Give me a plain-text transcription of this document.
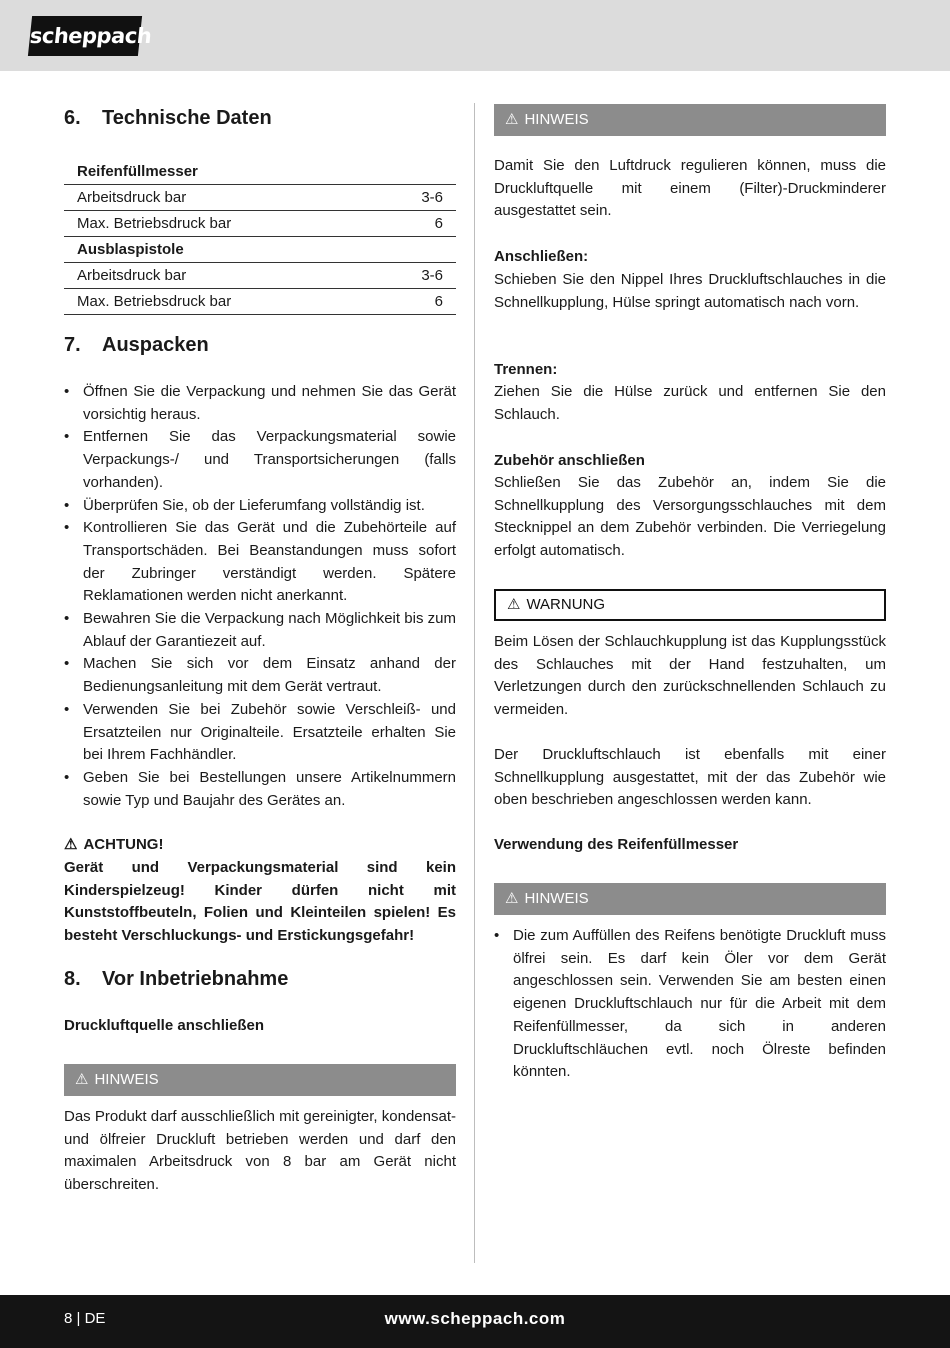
scheppach
6. Technische Daten
Reifenfüllmesser	
Arbeitsdruck bar	3-6
Max. Betriebsdruck bar	6
Ausblaspistole	
Arbeitsdruck bar	3-6
Max. Betriebsdruck bar	6
7. Auspacken
• Öffnen Sie die Verpackung und nehmen Sie das Gerät vorsichtig heraus.
• Entfernen Sie das Verpackungsmaterial sowie Verpackungs-/ und Transportsicherungen (falls vorhanden).
• Überprüfen Sie, ob der Lieferumfang vollständig ist.
• Kontrollieren Sie das Gerät und die Zubehörteile auf Transportschäden. Bei Beanstandungen muss sofort der Zubringer verständigt werden. Spätere Reklamationen werden nicht anerkannt.
• Bewahren Sie die Verpackung nach Möglichkeit bis zum Ablauf der Garantiezeit auf.
• Machen Sie sich vor dem Einsatz anhand der Bedienungsanleitung mit dem Gerät vertraut.
• Verwenden Sie bei Zubehör sowie Verschleiß- und Ersatzteilen nur Originalteile. Ersatzteile erhalten Sie bei Ihrem Fachhändler.
• Geben Sie bei Bestellungen unsere Artikelnummern sowie Typ und Baujahr des Gerätes an.

⚠ ACHTUNG!

Gerät und Verpackungsmaterial sind kein Kinderspielzeug! Kinder dürfen nicht mit Kunststoffbeuteln, Folien und Kleinteilen spielen! Es besteht Verschluckungs- und Erstickungsgefahr!

8. Vor Inbetriebnahme

Druckluftquelle anschließen

⚠ HINWEIS

Das Produkt darf ausschließlich mit gereinigter, kondensat- und ölfreier Druckluft betrieben werden und darf den maximalen Arbeitsdruck von 8 bar am Gerät nicht überschreiten.

⚠ HINWEIS

Damit Sie den Luftdruck regulieren können, muss die Druckluftquelle mit einem (Filter)-Druckminderer ausgestattet sein.

Anschließen:

Schieben Sie den Nippel Ihres Druckluftschlauches in die Schnellkupplung, Hülse springt automatisch nach vorn.

Trennen:

Ziehen Sie die Hülse zurück und entfernen Sie den Schlauch.

Zubehör anschließen

Schließen Sie das Zubehör an, indem Sie die Schnellkupplung des Versorgungsschlauches mit dem Stecknippel an dem Zubehör verbinden. Die Verriegelung erfolgt automatisch.

⚠ WARNUNG

Beim Lösen der Schlauchkupplung ist das Kupplungsstück des Schlauches mit der Hand festzuhalten, um Verletzungen durch den zurückschnellenden Schlauch zu vermeiden.

Der Druckluftschlauch ist ebenfalls mit einer Schnellkupplung ausgestattet, mit der das Zubehör wie oben beschrieben angeschlossen werden kann.

Verwendung des Reifenfüllmesser

⚠ HINWEIS
• Die zum Auffüllen des Reifens benötigte Druckluft muss ölfrei sein. Es darf kein Öler vor dem Gerät angeschlossen sein. Verwenden Sie am besten einen eigenen Druckluftschlauch nur für die Arbeit mit dem Reifenfüllmesser, da sich in anderen Druckluftschläuchen evtl. noch Ölreste befinden könnten.
www.scheppach.com
8 | DE
